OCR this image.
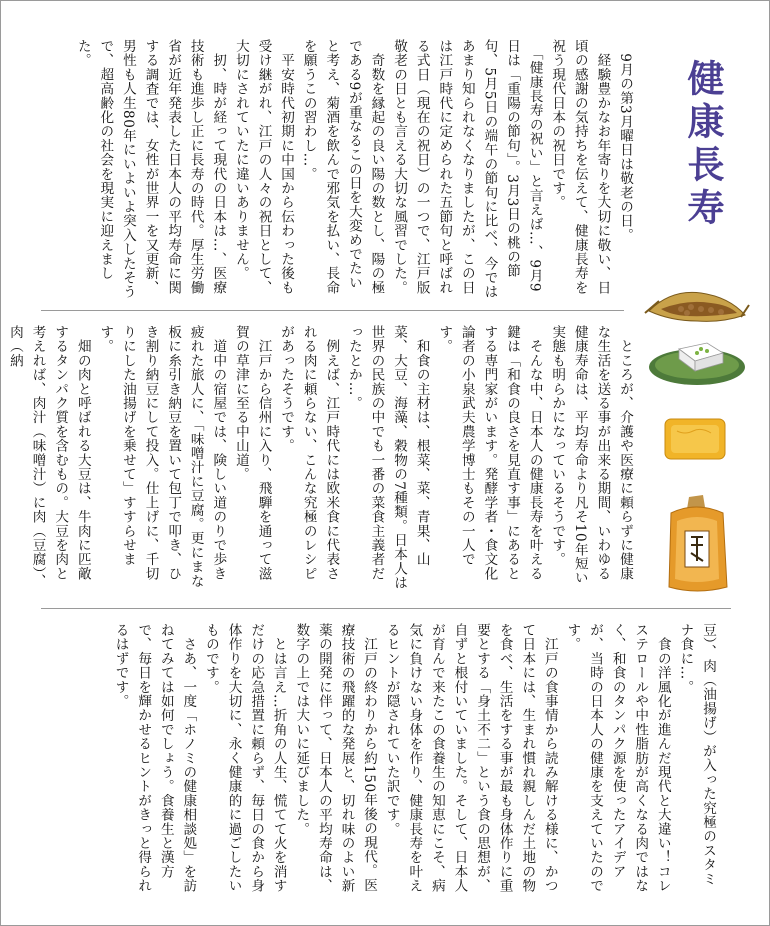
健康長寿
　9月の第3月曜日は敬老の日。
　経験豊かなお年寄りを大切に敬い、日頃の感謝の気持ちを伝えて、健康長寿を祝う現代日本の祝日です。
　「健康長寿の祝い」と言えば…、9月9日は「重陽の節句」。3月3日の桃の節句、5月5日の端午の節句に比べ、今ではあまり知られなくなりましたが、この日は江戸時代に定められた五節句と呼ばれる式日（現在の祝日）の一つで、江戸版敬老の日とも言える大切な風習でした。
　奇数を縁起の良い陽の数とし、陽の極である9が重なるこの日を大変めでたいと考え、菊酒を飲んで邪気を払い、長命を願うこの習わし…。
　平安時代初期に中国から伝わった後も受け継がれ、江戸の人々の祝日として、大切にされていたに違いありません。
　扨、時が経って現代の日本は…、医療技術も進歩し正に長寿の時代。厚生労働省が近年発表した日本人の平均寿命に関する調査では、女性が世界一を又更新、男性も人生80年にいよいよ突入したそうで、超高齢化の社会を現実に迎えました。
　ところが、介護や医療に頼らずに健康な生活を送る事が出来る期間、いわゆる健康寿命は、平均寿命より凡そ10年短い実態も明らかになっているそうです。
　そんな中、日本人の健康長寿を叶える鍵は「和食の良さを見直す事」にあるとする専門家がいます。発酵学者・食文化論者の小泉武夫農学博士もその一人です。
　和食の主材は、根菜、菜、青果、山菜、大豆、海藻、穀物の7種類。日本人は世界の民族の中でも一番の菜食主義者だったとか…。
　例えば、江戸時代には欧米食に代表される肉に頼らない、こんな究極のレシピがあったそうです。
　江戸から信州に入り、飛騨を通って滋賀の草津に至る中山道。
　道中の宿屋では、険しい道のりで歩き疲れた旅人に、「味噌汁に豆腐。更にまな板に糸引き納豆を置いて包丁で叩き、ひき割り納豆にして投入。仕上げに、千切りにした油揚げを乗せて」すすらせます。
　畑の肉と呼ばれる大豆は、牛肉に匹敵するタンパク質を含むもの。大豆を肉と考えれば、肉汁（味噌汁）に肉（豆腐）、肉（納
豆）、肉（油揚げ）が入った究極のスタミナ食に…。
　食の洋風化が進んだ現代と大違い！コレステロールや中性脂肪が高くなる肉ではなく、和食のタンパク源を使ったアイデアが、当時の日本人の健康を支えていたのです。
　江戸の食事情から読み解ける様に、かつて日本には、生まれ慣れ親しんだ土地の物を食べ、生活をする事が最も身体作りに重要とする「身土不二」という食の思想が、自ずと根付いていました。そして、日本人が育んで来たこの食養生の知恵にこそ、病気に負けない身体を作り、健康長寿を叶えるヒントが隠されていた訳です。
　江戸の終わりから約150年後の現代。医療技術の飛躍的な発展と、切れ味のよい新薬の開発に伴って、日本人の平均寿命は、数字の上では大いに延びました。
　とは言え…折角の人生、慌てて火を消すだけの応急措置に頼らず、毎日の食から身体作りを大切に、永く健康的に過ごしたいものです。
　さあ、一度「ホノミの健康相談処」を訪ねてみては如何でしょう。食養生と漢方で、毎日を輝かせるヒントがきっと得られるはずです。
